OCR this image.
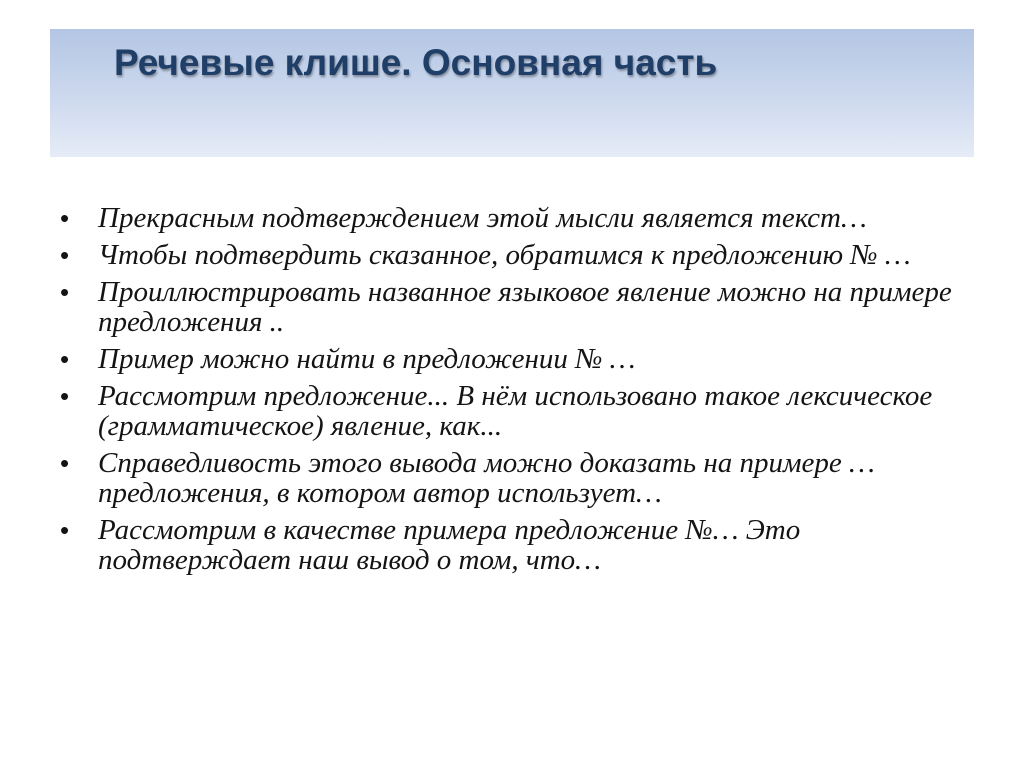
Речевые клише. Основная часть
• Прекрасным подтверждением этой мысли является текст…
• Чтобы подтвердить сказанное, обратимся к предложению № …
• Проиллюстрировать названное языковое явление можно на примере предложения ..
• Пример можно найти в предложении № …
• Рассмотрим предложение... В нём использовано такое лексическое (грамматическое) явление, как...
• Справедливость этого вывода можно доказать на примере … предложения, в котором автор использует…
• Рассмотрим в качестве примера предложение №… Это подтверждает наш вывод о том, что…
